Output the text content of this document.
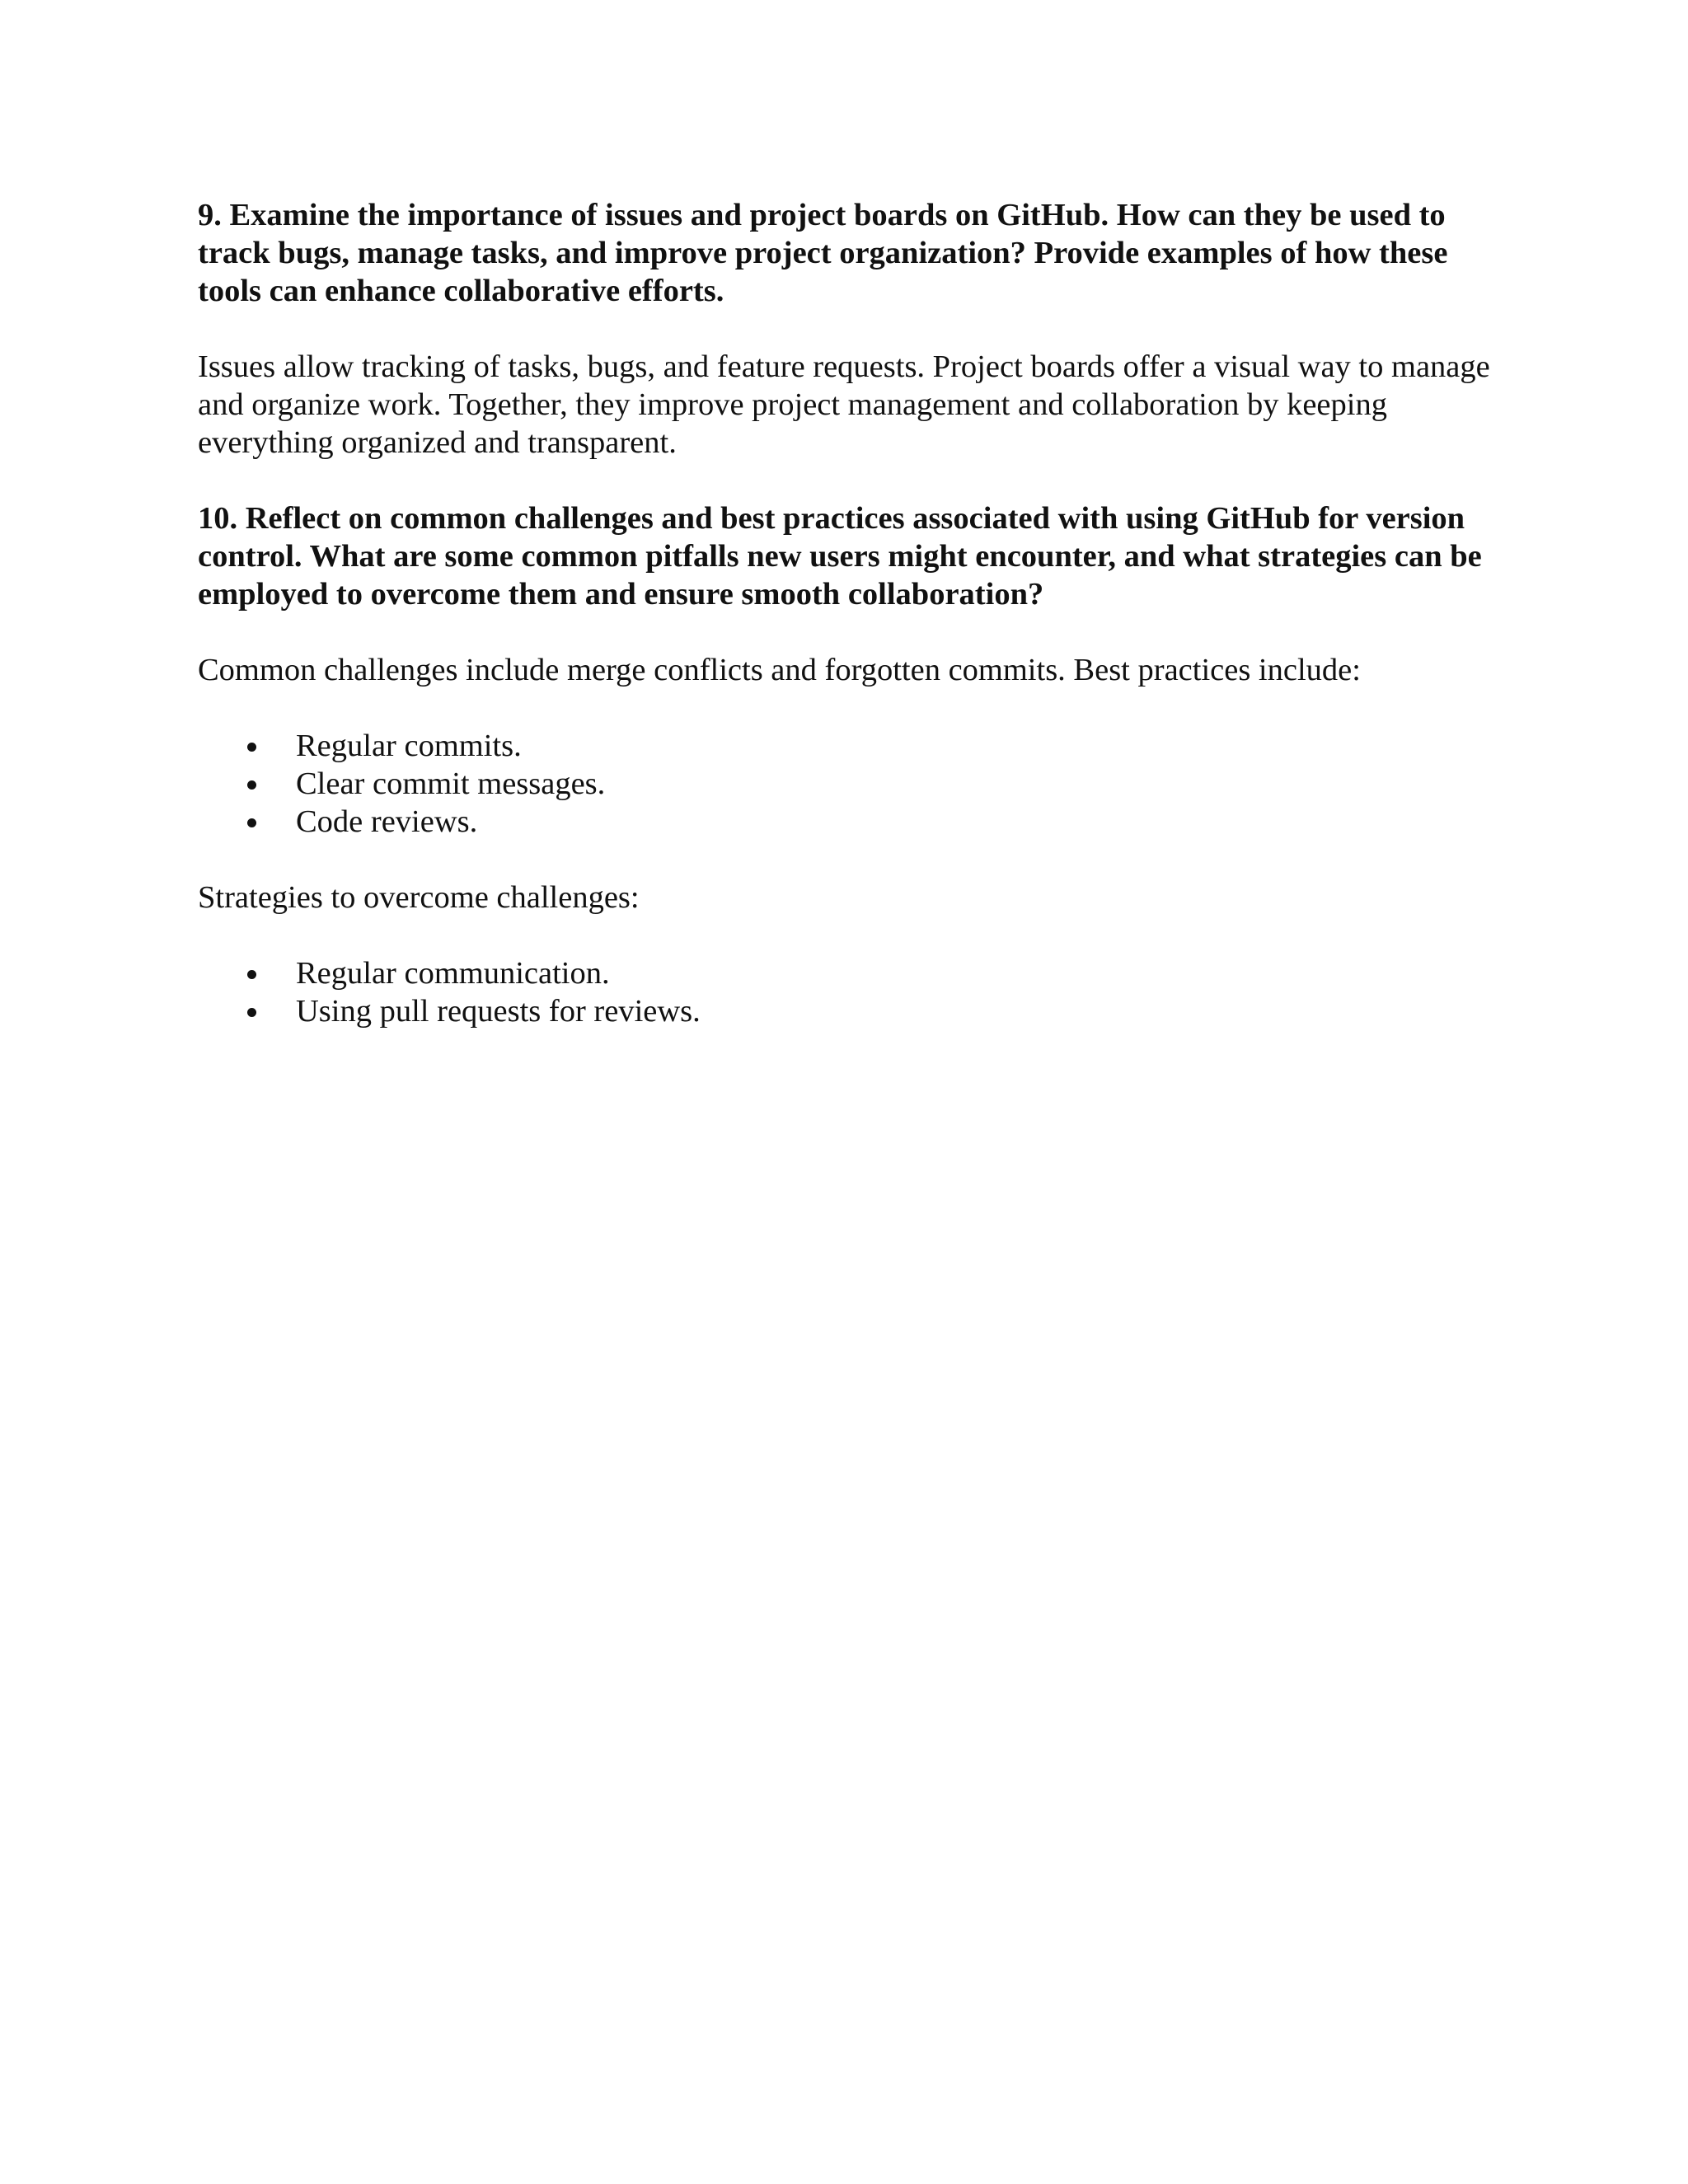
9. Examine the importance of issues and project boards on GitHub. How can they be used to track bugs, manage tasks, and improve project organization? Provide examples of how these tools can enhance collaborative efforts.

Issues allow tracking of tasks, bugs, and feature requests. Project boards offer a visual way to manage and organize work. Together, they improve project management and collaboration by keeping everything organized and transparent.

10. Reflect on common challenges and best practices associated with using GitHub for version control. What are some common pitfalls new users might encounter, and what strategies can be employed to overcome them and ensure smooth collaboration?

Common challenges include merge conflicts and forgotten commits. Best practices include:

Regular commits.
Clear commit messages.
Code reviews.

Strategies to overcome challenges:

Regular communication.
Using pull requests for reviews.
